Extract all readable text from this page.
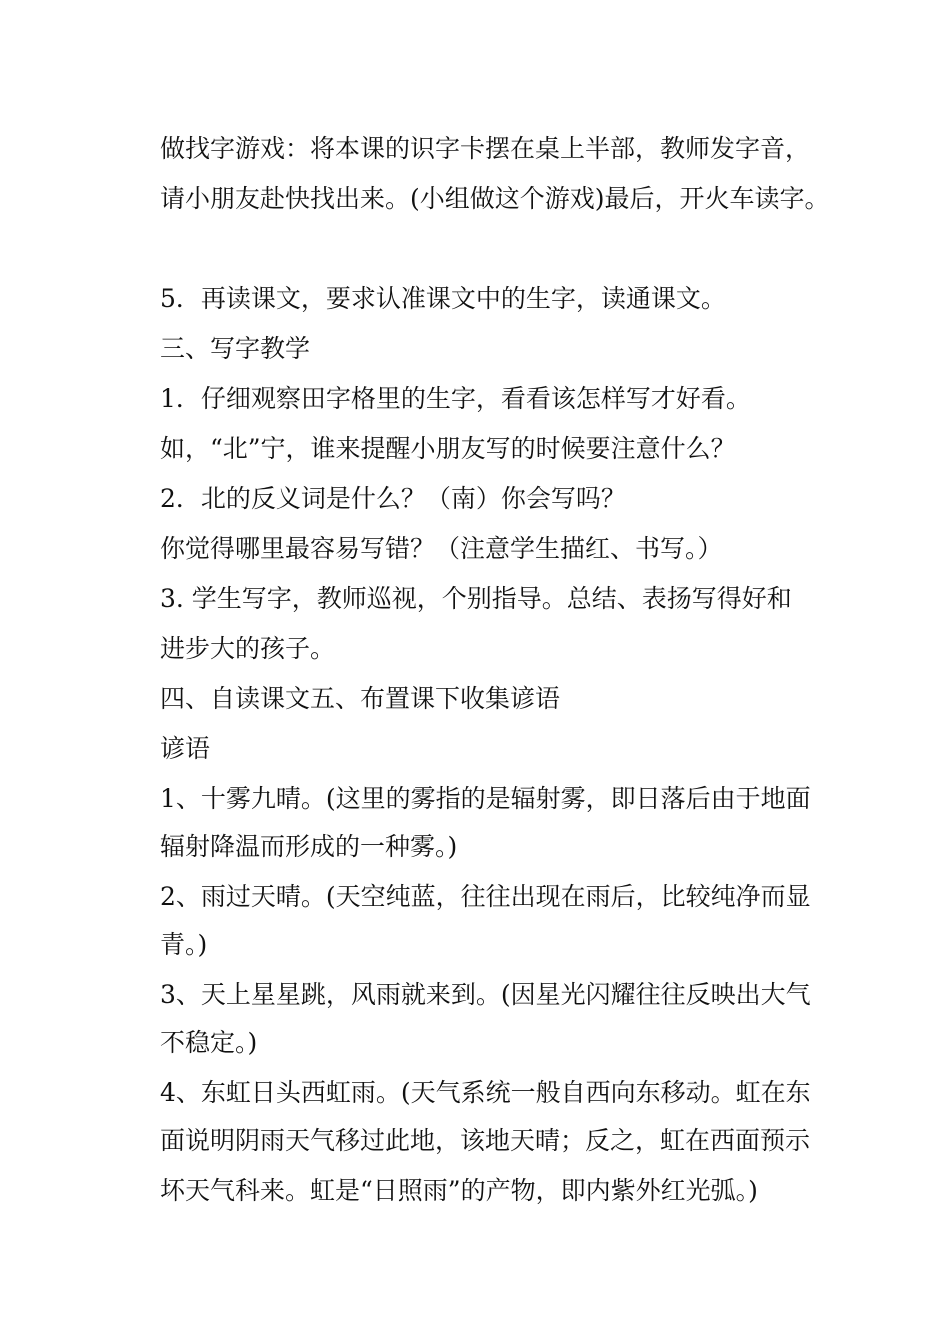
做找字游戏：将本课的识字卡摆在桌上半部，教师发字音，
请小朋友赴快找出来。(小组做这个游戏)最后，开火车读字。
5．再读课文，要求认准课文中的生字，读通课文。
三、写字教学
1．仔细观察田字格里的生字，看看该怎样写才好看。
如，“北”宁，谁来提醒小朋友写的时候要注意什么？
2．北的反义词是什么？（南）你会写吗？
你觉得哪里最容易写错？（注意学生描红、书写。）
3. 学生写字，教师巡视，个别指导。总结、表扬写得好和
进步大的孩子。
四、自读课文五、布置课下收集谚语
谚语
1、十雾九晴。(这里的雾指的是辐射雾，即日落后由于地面
辐射降温而形成的一种雾。)
2、雨过天晴。(天空纯蓝，往往出现在雨后，比较纯净而显
青。)
3、天上星星跳，风雨就来到。(因星光闪耀往往反映出大气
不稳定。)
4、东虹日头西虹雨。(天气系统一般自西向东移动。虹在东
面说明阴雨天气移过此地，该地天晴；反之，虹在西面预示
坏天气科来。虹是“日照雨”的产物，即内紫外红光弧。)
